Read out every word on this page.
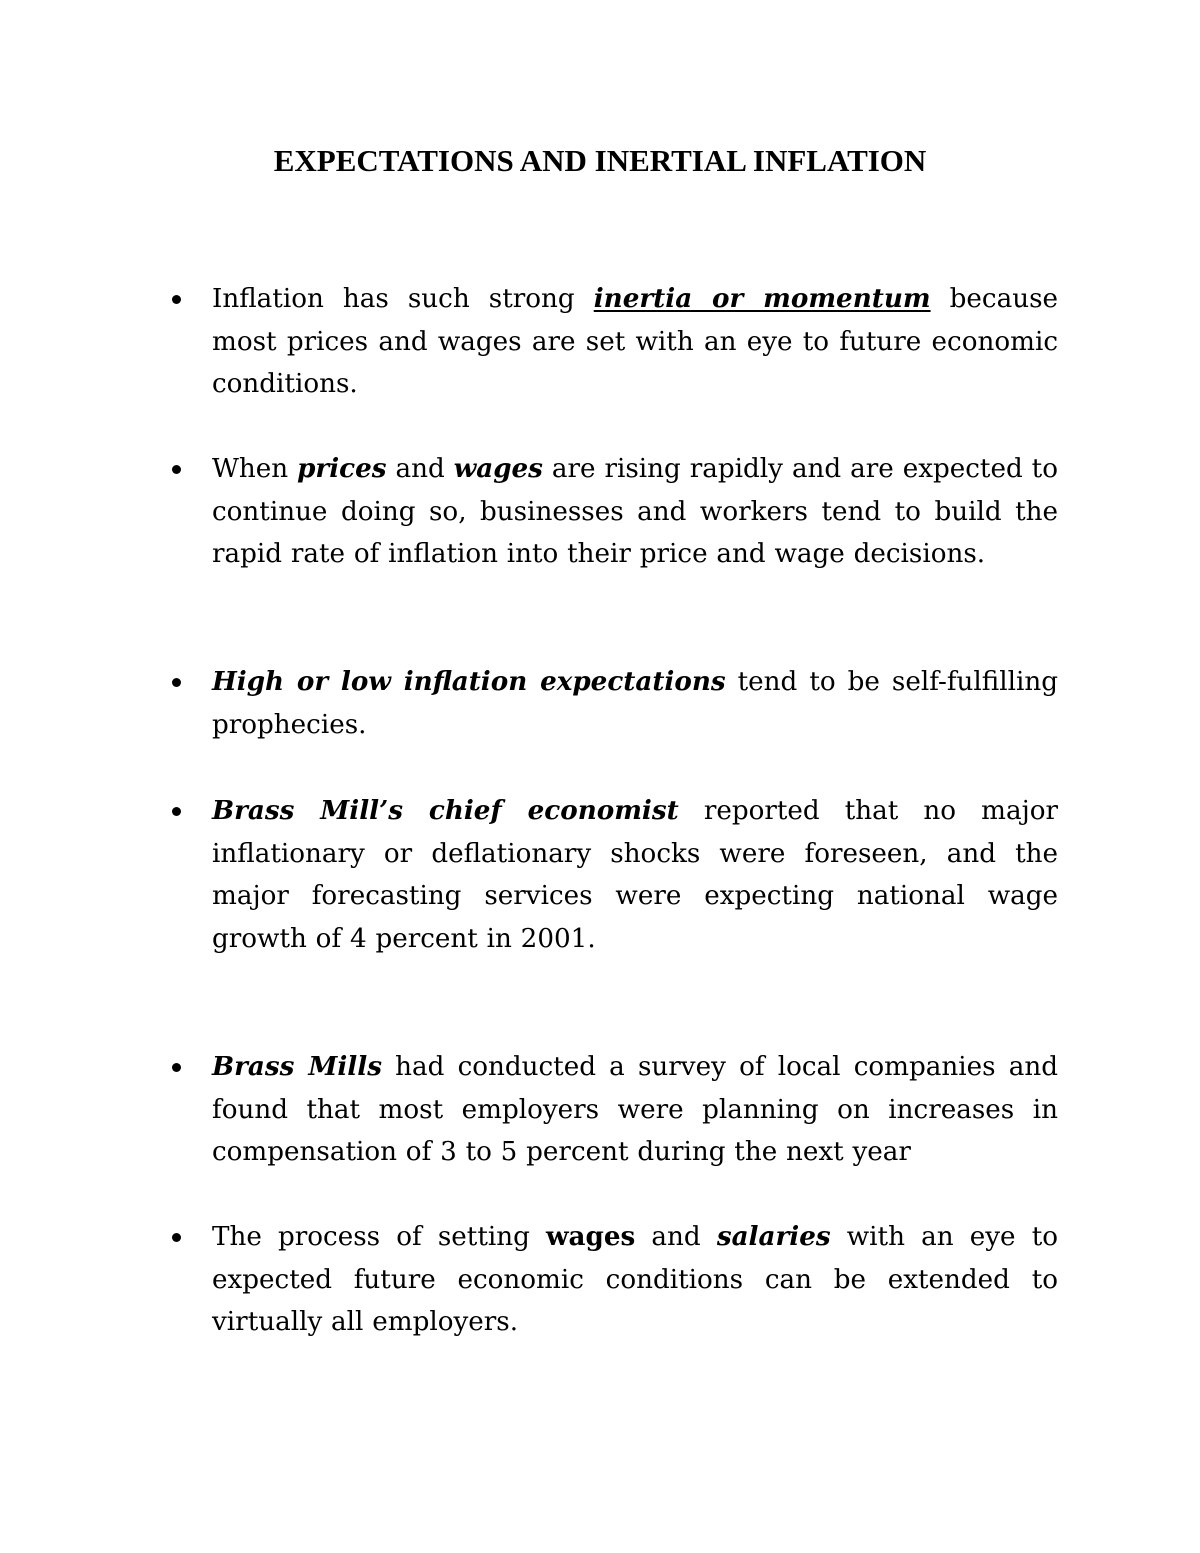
EXPECTATIONS AND INERTIAL INFLATION
Inflation has such strong inertia or momentum because most prices and wages are set with an eye to future economic conditions.
When prices and wages are rising rapidly and are expected to continue doing so, businesses and workers tend to build the rapid rate of inflation into their price and wage decisions.
High or low inflation expectations tend to be self-fulfilling prophecies.
Brass Mill’s chief economist reported that no major inflationary or deflationary shocks were foreseen, and the major forecasting services were expecting national wage growth of 4 percent in 2001.
Brass Mills had conducted a survey of local companies and found that most employers were planning on increases in compensation of 3 to 5 percent during the next year
The process of setting wages and salaries with an eye to expected future economic conditions can be extended to virtually all employers.
